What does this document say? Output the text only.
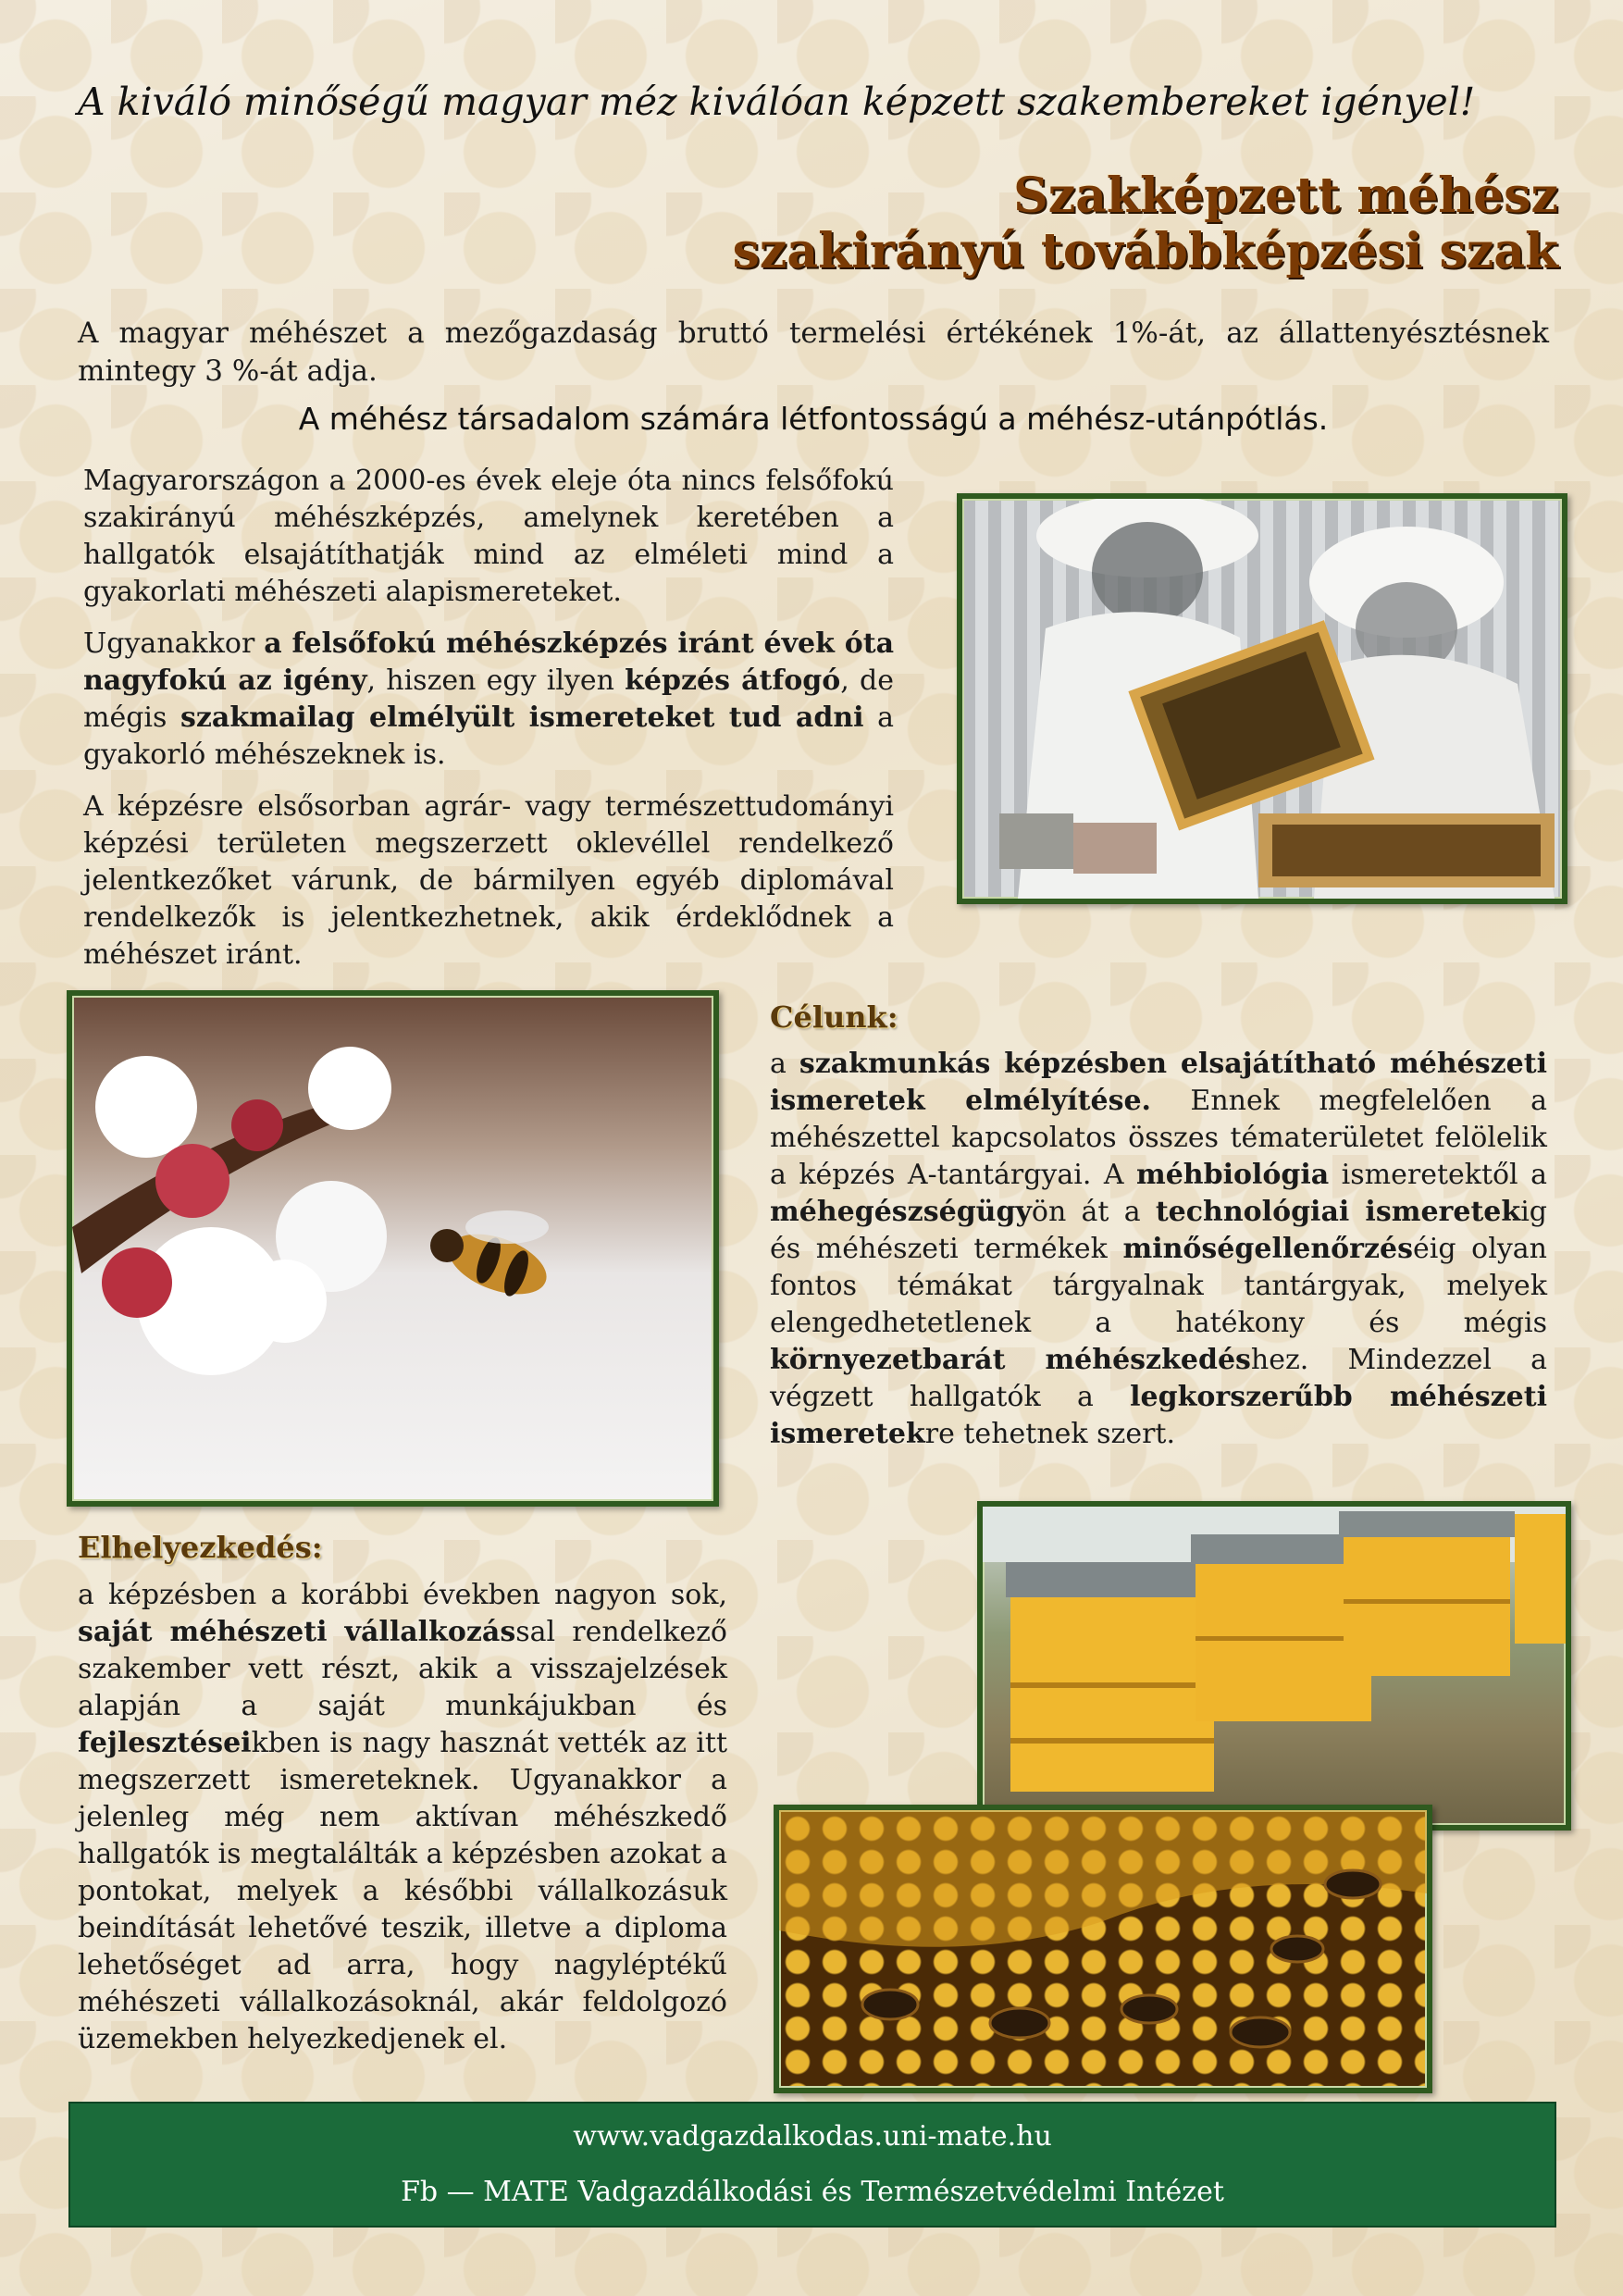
A kiváló minőségű magyar méz kiválóan képzett szakembereket igényel!
Szakképzett méhész
szakirányú továbbképzési szak
A magyar méhészet a mezőgazdaság bruttó termelési értékének 1%-át, az állattenyésztésnek mintegy 3 %-át adja.
A méhész társadalom számára létfontosságú a méhész-utánpótlás.

Magyarországon a 2000-es évek eleje óta nincs felsőfokú szakirányú méhészképzés, amelynek keretében a hallgatók elsajátíthatják mind az elméleti mind a gyakorlati méhészeti alapismereteket.

Ugyanakkor a felsőfokú méhészképzés iránt évek óta nagyfokú az igény, hiszen egy ilyen képzés átfogó, de mégis szakmailag elmélyült ismereteket tud adni a gyakorló méhészeknek is.

A képzésre elsősorban agrár- vagy természettudományi képzési területen megszerzett oklevéllel rendelkező jelentkezőket várunk, de bármilyen egyéb diplomával rendelkezők is jelentkezhetnek, akik érdeklődnek a méhészet iránt.

Célunk:
a szakmunkás képzésben elsajátítható méhészeti ismeretek elmélyítése. Ennek megfelelően a méhészettel kapcsolatos összes tématerületet felölelik a képzés A-tantárgyai. A méhbiológia ismeretektől a méhegészségügyön át a technológiai ismeretekig és méhészeti termékek minőségellenőrzéséig olyan fontos témákat tárgyalnak tantárgyak, melyek elengedhetetlenek a hatékony és mégis környezetbarát méhészkedéshez. Mindezzel a végzett hallgatók a legkorszerűbb méhészeti ismeretekre tehetnek szert.
Elhelyezkedés:
a képzésben a korábbi években nagyon sok, saját méhészeti vállalkozással rendelkező szakember vett részt, akik a visszajelzések alapján a saját munkájukban és fejlesztéseikben is nagy hasznát vették az itt megszerzett ismereteknek. Ugyanakkor a jelenleg még nem aktívan méhészkedő hallgatók is megtalálták a képzésben azokat a pontokat, melyek a későbbi vállalkozásuk beindítását lehetővé teszik, illetve a diploma lehetőséget ad arra, hogy nagyléptékű méhészeti vállalkozásoknál, akár feldolgozó üzemekben helyezkedjenek el.
www.vadgazdalkodas.uni-mate.hu
Fb — MATE Vadgazdálkodási és Természetvédelmi Intézet
